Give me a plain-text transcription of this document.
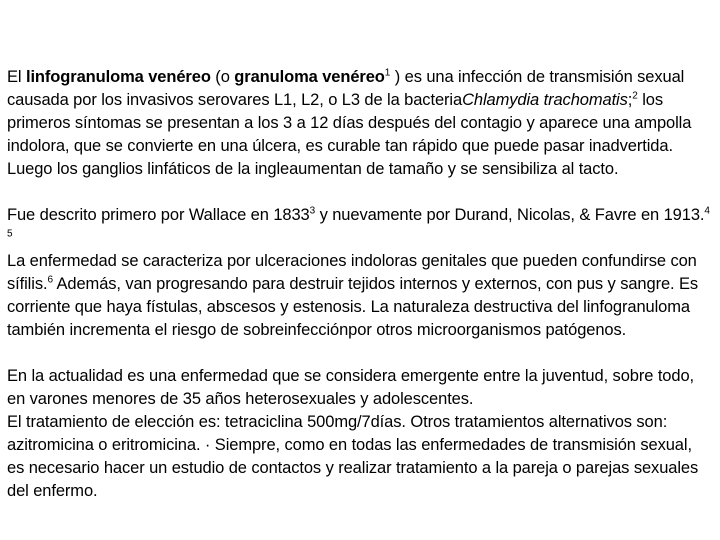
El linfogranuloma venéreo (o granuloma venéreo$^1$ ) es una infección de transmisión sexual causada por los invasivos serovares L1, L2, o L3 de la bacteriaChlamydia trachomatis;$^2$ los primeros síntomas se presentan a los 3 a 12 días después del contagio y aparece una ampolla indolora, que se convierte en una úlcera, es curable tan rápido que puede pasar inadvertida. Luego los ganglios linfáticos de la ingleaumentan de tamaño y se sensibiliza al tacto.

Fue descrito primero por Wallace en 1833$^3$ y nuevamente por Durand, Nicolas, & Favre en 1913.$^{4 5}$

La enfermedad se caracteriza por ulceraciones indoloras genitales que pueden confundirse con sífilis.$^6$ Además, van progresando para destruir tejidos internos y externos, con pus y sangre. Es corriente que haya fístulas, abscesos y estenosis. La naturaleza destructiva del linfogranuloma también incrementa el riesgo de sobreinfecciónpor otros microorganismos patógenos.

En la actualidad es una enfermedad que se considera emergente entre la juventud, sobre todo, en varones menores de 35 años heterosexuales y adolescentes.

El tratamiento de elección es: tetraciclina 500mg/7días. Otros tratamientos alternativos son: azitromicina o eritromicina. · Siempre, como en todas las enfermedades de transmisión sexual, es necesario hacer un estudio de contactos y realizar tratamiento a la pareja o parejas sexuales del enfermo.
